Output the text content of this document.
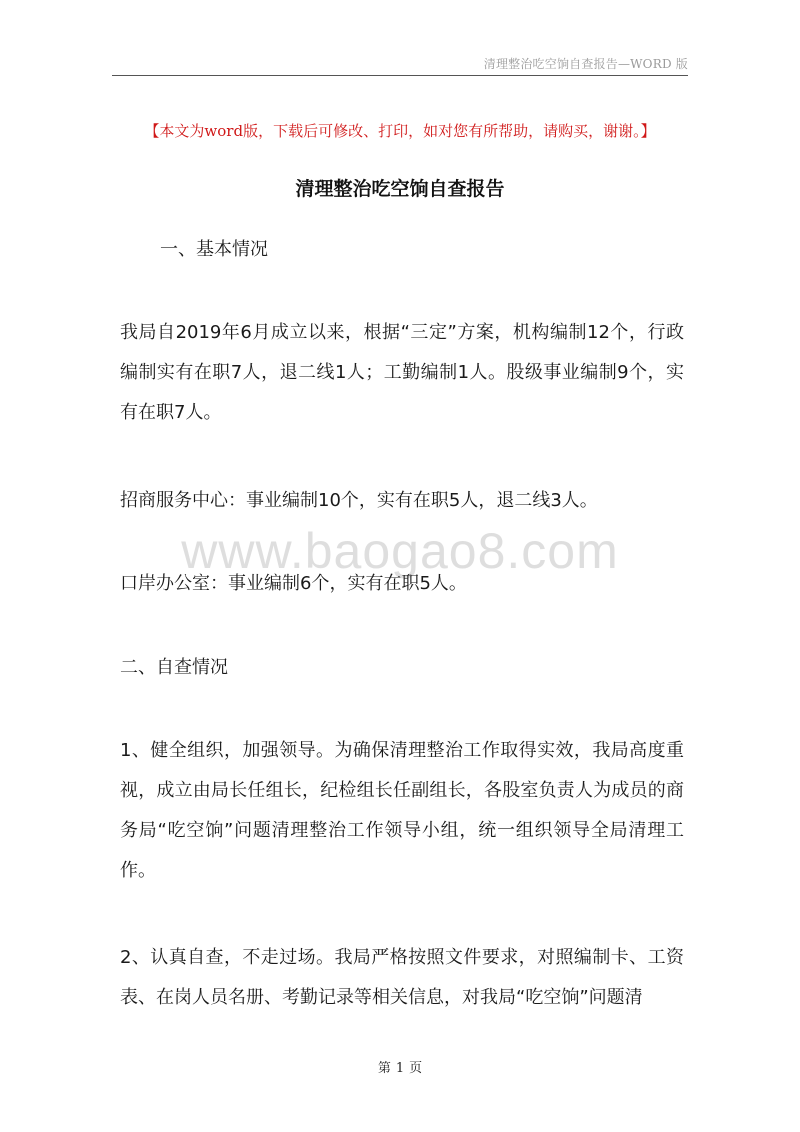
清理整治吃空饷自查报告—WORD 版
【本文为word版，下载后可修改、打印，如对您有所帮助，请购买，谢谢。】
清理整治吃空饷自查报告

一、基本情况

我局自2019年6月成立以来，根据“三定”方案，机构编制12个，行政编制实有在职7人，退二线1人；工勤编制1人。股级事业编制9个，实有在职7人。

招商服务中心：事业编制10个，实有在职5人，退二线3人。

www.baogao8.com

口岸办公室：事业编制6个，实有在职5人。

二、自查情况

1、健全组织，加强领导。为确保清理整治工作取得实效，我局高度重视，成立由局长任组长，纪检组长任副组长，各股室负责人为成员的商务局“吃空饷”问题清理整治工作领导小组，统一组织领导全局清理工作。

2、认真自查，不走过场。我局严格按照文件要求，对照编制卡、工资表、在岗人员名册、考勤记录等相关信息，对我局“吃空饷”问题清

第 1 页
